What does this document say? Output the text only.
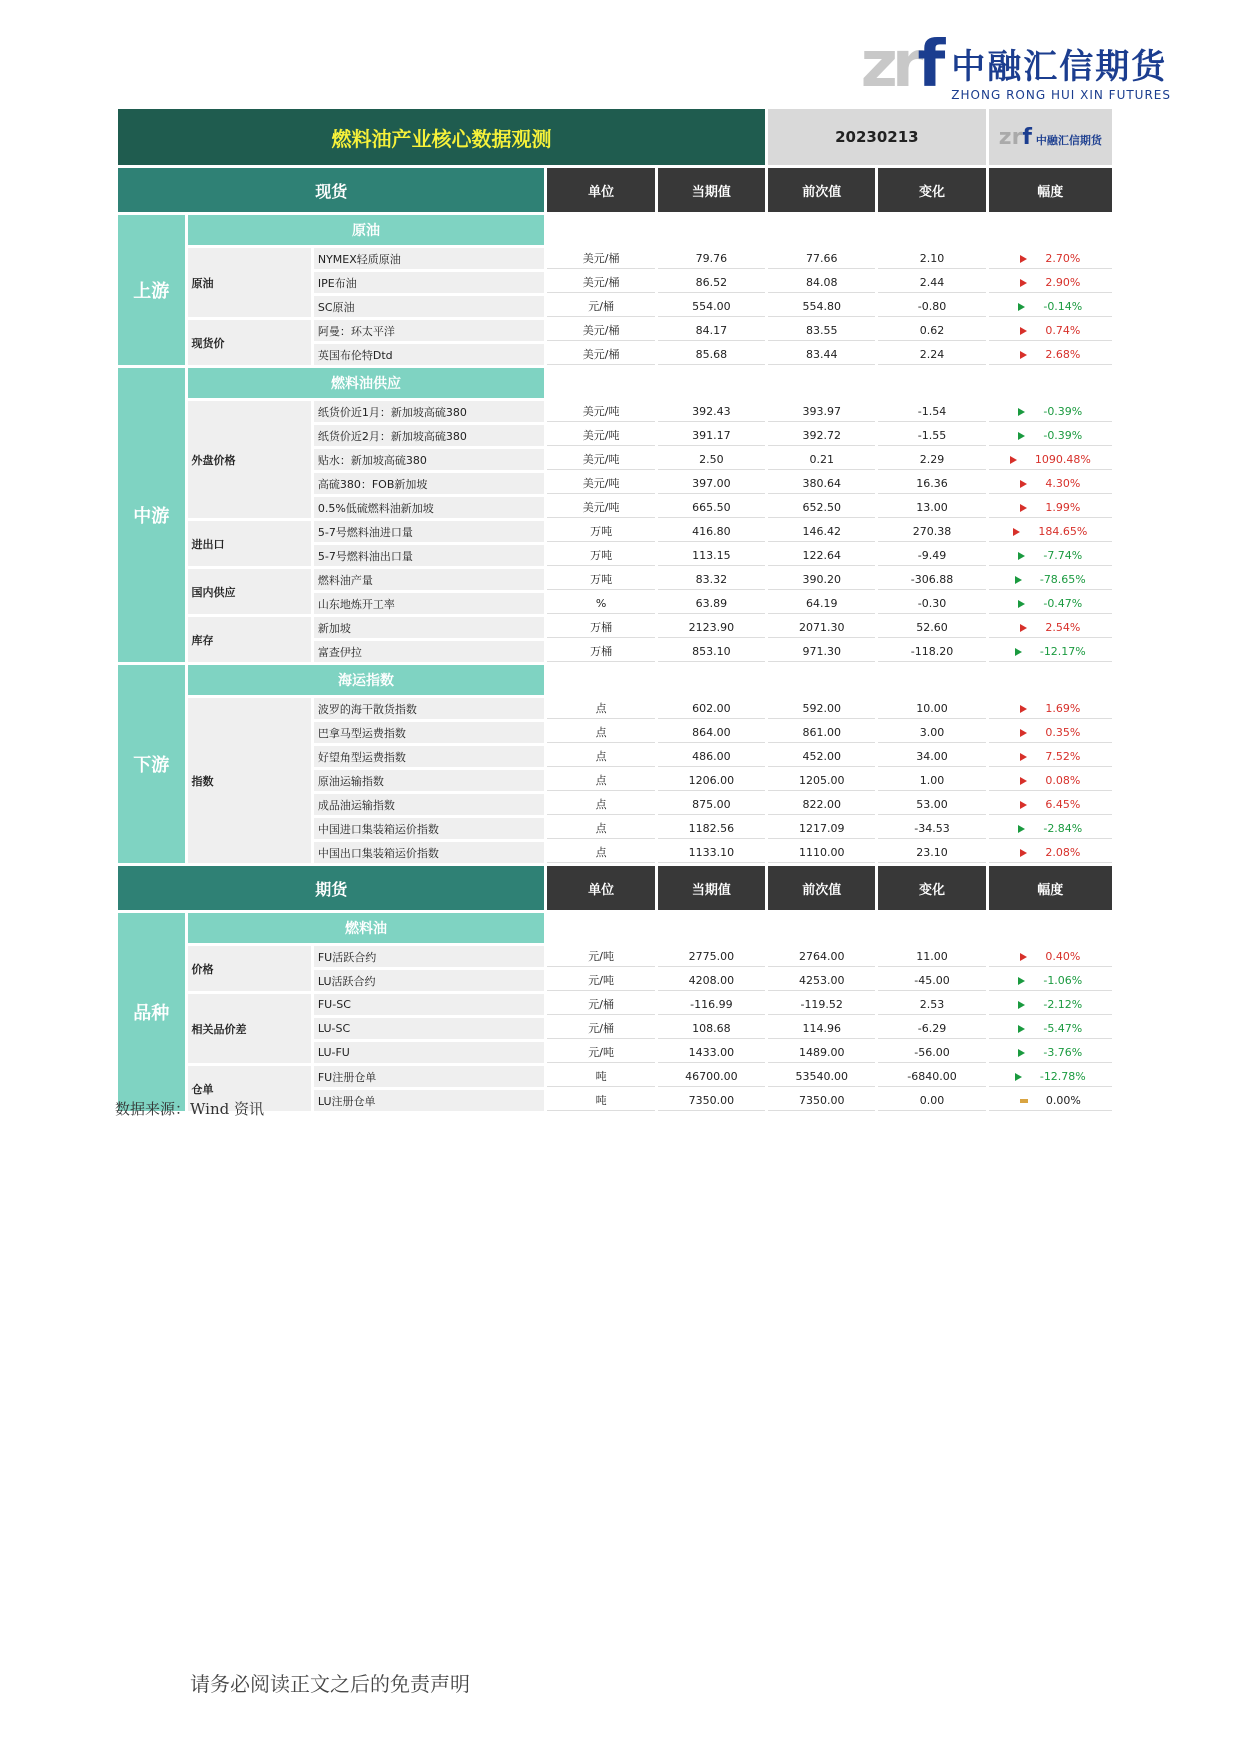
zrf 中融汇信期货
ZHONG RONG HUI XIN FUTURES
燃料油产业核心数据观测					20230213		zrf 中融汇信期货
现货			单位	当期值	前次值	变化	幅度
上游	原油						
	原油	NYMEX轻质原油	美元/桶	79.76	77.66	2.10	2.70%
		IPE布油	美元/桶	86.52	84.08	2.44	2.90%
		SC原油	元/桶	554.00	554.80	-0.80	-0.14%
	现货价	阿曼：环太平洋	美元/桶	84.17	83.55	0.62	0.74%
		英国布伦特Dtd	美元/桶	85.68	83.44	2.24	2.68%
中游	燃料油供应						
	外盘价格	纸货价近1月：新加坡高硫380	美元/吨	392.43	393.97	-1.54	-0.39%
		纸货价近2月：新加坡高硫380	美元/吨	391.17	392.72	-1.55	-0.39%
		贴水：新加坡高硫380	美元/吨	2.50	0.21	2.29	1090.48%
		高硫380：FOB新加坡	美元/吨	397.00	380.64	16.36	4.30%
		0.5%低硫燃料油新加坡	美元/吨	665.50	652.50	13.00	1.99%
	进出口	5-7号燃料油进口量	万吨	416.80	146.42	270.38	184.65%
		5-7号燃料油出口量	万吨	113.15	122.64	-9.49	-7.74%
	国内供应	燃料油产量	万吨	83.32	390.20	-306.88	-78.65%
		山东地炼开工率	%	63.89	64.19	-0.30	-0.47%
	库存	新加坡	万桶	2123.90	2071.30	52.60	2.54%
		富查伊拉	万桶	853.10	971.30	-118.20	-12.17%
下游	海运指数						
	指数	波罗的海干散货指数	点	602.00	592.00	10.00	1.69%
		巴拿马型运费指数	点	864.00	861.00	3.00	0.35%
		好望角型运费指数	点	486.00	452.00	34.00	7.52%
		原油运输指数	点	1206.00	1205.00	1.00	0.08%
		成品油运输指数	点	875.00	822.00	53.00	6.45%
		中国进口集装箱运价指数	点	1182.56	1217.09	-34.53	-2.84%
		中国出口集装箱运价指数	点	1133.10	1110.00	23.10	2.08%
期货			单位	当期值	前次值	变化	幅度
品种	燃料油						
	价格	FU活跃合约	元/吨	2775.00	2764.00	11.00	0.40%
		LU活跃合约	元/吨	4208.00	4253.00	-45.00	-1.06%
	相关品价差	FU-SC	元/桶	-116.99	-119.52	2.53	-2.12%
		LU-SC	元/桶	108.68	114.96	-6.29	-5.47%
		LU-FU	元/吨	1433.00	1489.00	-56.00	-3.76%
	仓单	FU注册仓单	吨	46700.00	53540.00	-6840.00	-12.78%
		LU注册仓单	吨	7350.00	7350.00	0.00	0.00%
数据来源：Wind 资讯
请务必阅读正文之后的免责声明
